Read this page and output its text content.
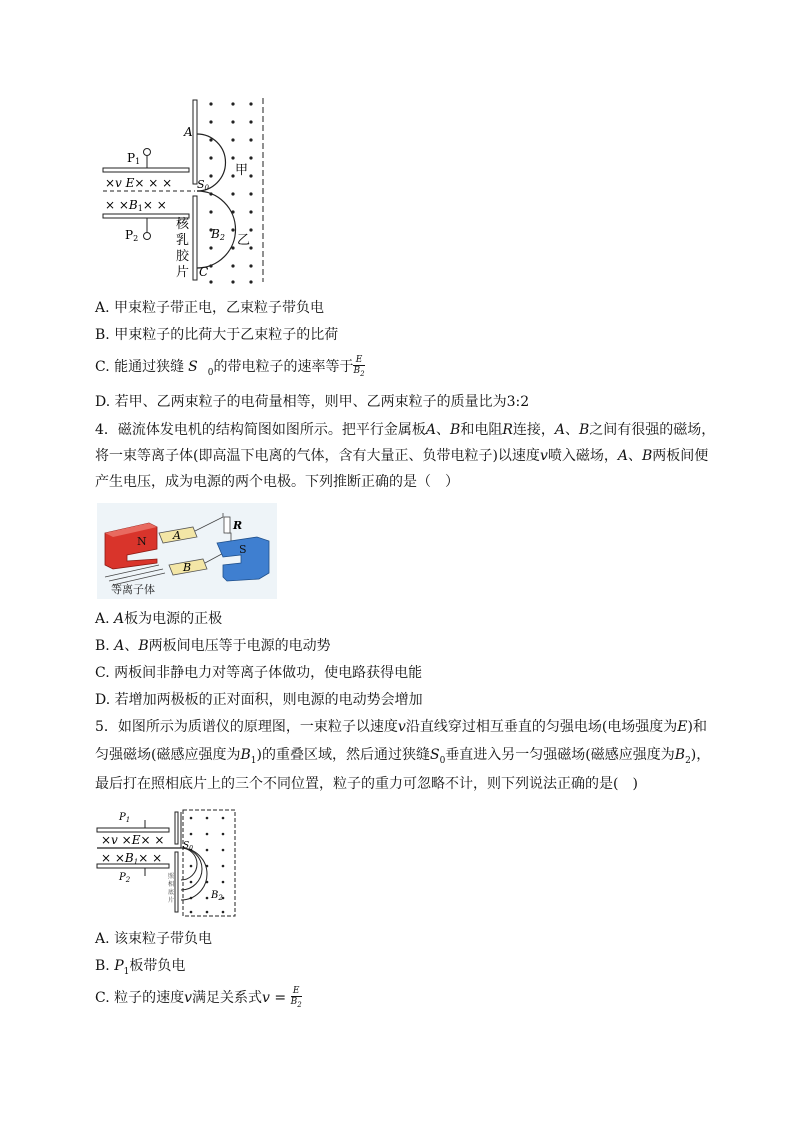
A
C
P1
P2
×v E× × ×
× ×B1× ×
S0
B2
甲
乙
核
乳
胶
片
A. 甲束粒子带正电，乙束粒子带负电
B. 甲束粒子的比荷大于乙束粒子的比荷
C. 能通过狭缝 S $_0$的带电粒子的速率等于 $\frac{E}{B_2}$
D. 若甲、乙两束粒子的电荷量相等，则甲、乙两束粒子的质量比为3:2
4．磁流体发电机的结构简图如图所示。把平行金属板A、B和电阻R连接，A、B之间有很强的磁场，
将一束等离子体(即高温下电离的气体，含有大量正、负带电粒子)以速度v喷入磁场，A、B两板间便
产生电压，成为电源的两个电极。下列推断正确的是（　）
N A
B
R
S
等离子体
A. A板为电源的正极
B. A、B两板间电压等于电源的电动势
C. 两板间非静电力对等离子体做功，使电路获得电能
D. 若增加两极板的正对面积，则电源的电动势会增加
5．如图所示为质谱仪的原理图，一束粒子以速度v沿直线穿过相互垂直的匀强电场(电场强度为E)和
匀强磁场(磁感应强度为$B_1$)的重叠区域，然后通过狭缝$S_0$垂直进入另一匀强磁场(磁感应强度为$B_2$)，
最后打在照相底片上的三个不同位置，粒子的重力可忽略不计，则下列说法正确的是(　)
$P_1$
$P_2$
×v ×E× ×
× ×B1× ×
$S_0$
$B_2$
照
相
底
片
A. 该束粒子带负电
B. $P_1$板带负电
C. 粒子的速度v满足关系式$v = \frac{E}{B_2}$
